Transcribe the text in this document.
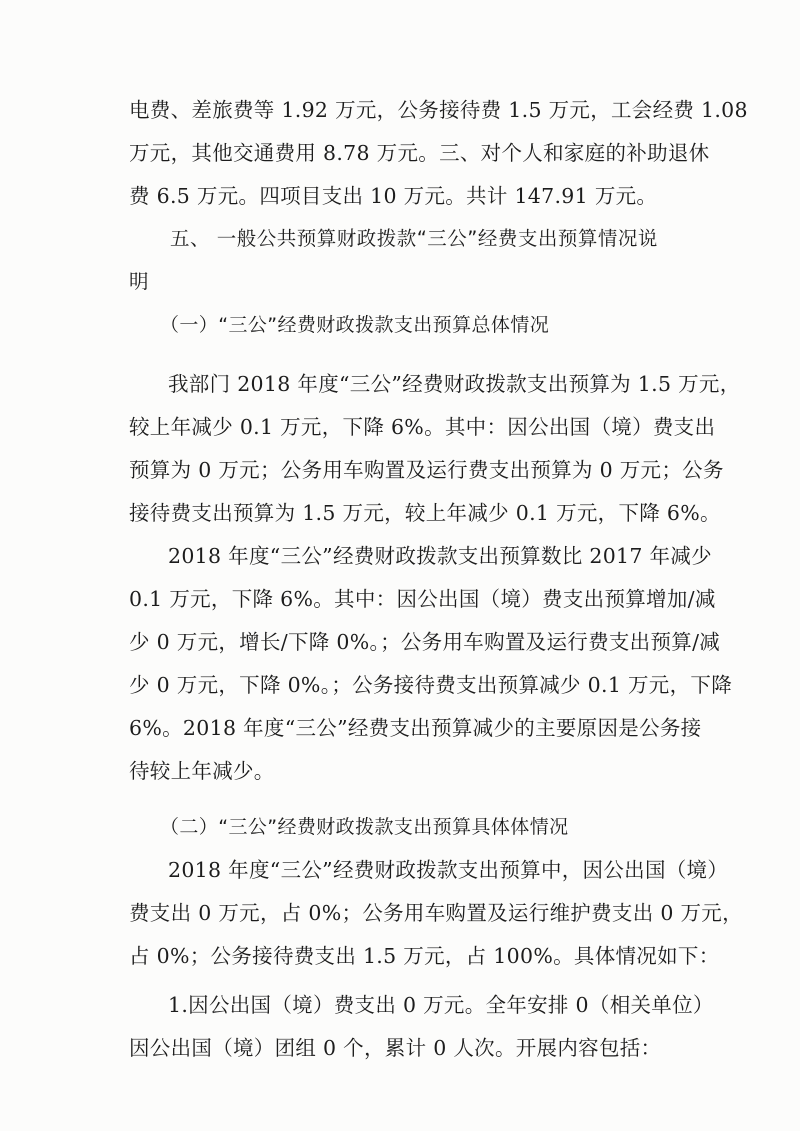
电费、差旅费等 1.92 万元，公务接待费 1.5 万元，工会经费 1.08
万元，其他交通费用 8.78 万元。三、对个人和家庭的补助退休
费 6.5 万元。四项目支出 10 万元。共计 147.91 万元。
五、 一般公共预算财政拨款“三公”经费支出预算情况说
明
（一）“三公”经费财政拨款支出预算总体情况
我部门 2018 年度“三公”经费财政拨款支出预算为 1.5 万元，
较上年减少 0.1 万元，下降 6%。其中：因公出国（境）费支出
预算为 0 万元；公务用车购置及运行费支出预算为 0 万元；公务
接待费支出预算为 1.5 万元，较上年减少 0.1 万元，下降 6%。
2018 年度“三公”经费财政拨款支出预算数比 2017 年减少
0.1 万元，下降 6%。其中：因公出国（境）费支出预算增加/减
少 0 万元，增长/下降 0%。；公务用车购置及运行费支出预算/减
少 0 万元，下降 0%。；公务接待费支出预算减少 0.1 万元，下降
6%。2018 年度“三公”经费支出预算减少的主要原因是公务接
待较上年减少。
（二）“三公”经费财政拨款支出预算具体体情况
2018 年度“三公”经费财政拨款支出预算中，因公出国（境）
费支出 0 万元，占 0%；公务用车购置及运行维护费支出 0 万元，
占 0%；公务接待费支出 1.5 万元，占 100%。具体情况如下：
1.因公出国（境）费支出 0 万元。全年安排 0（相关单位）
因公出国（境）团组 0 个，累计 0 人次。开展内容包括：
